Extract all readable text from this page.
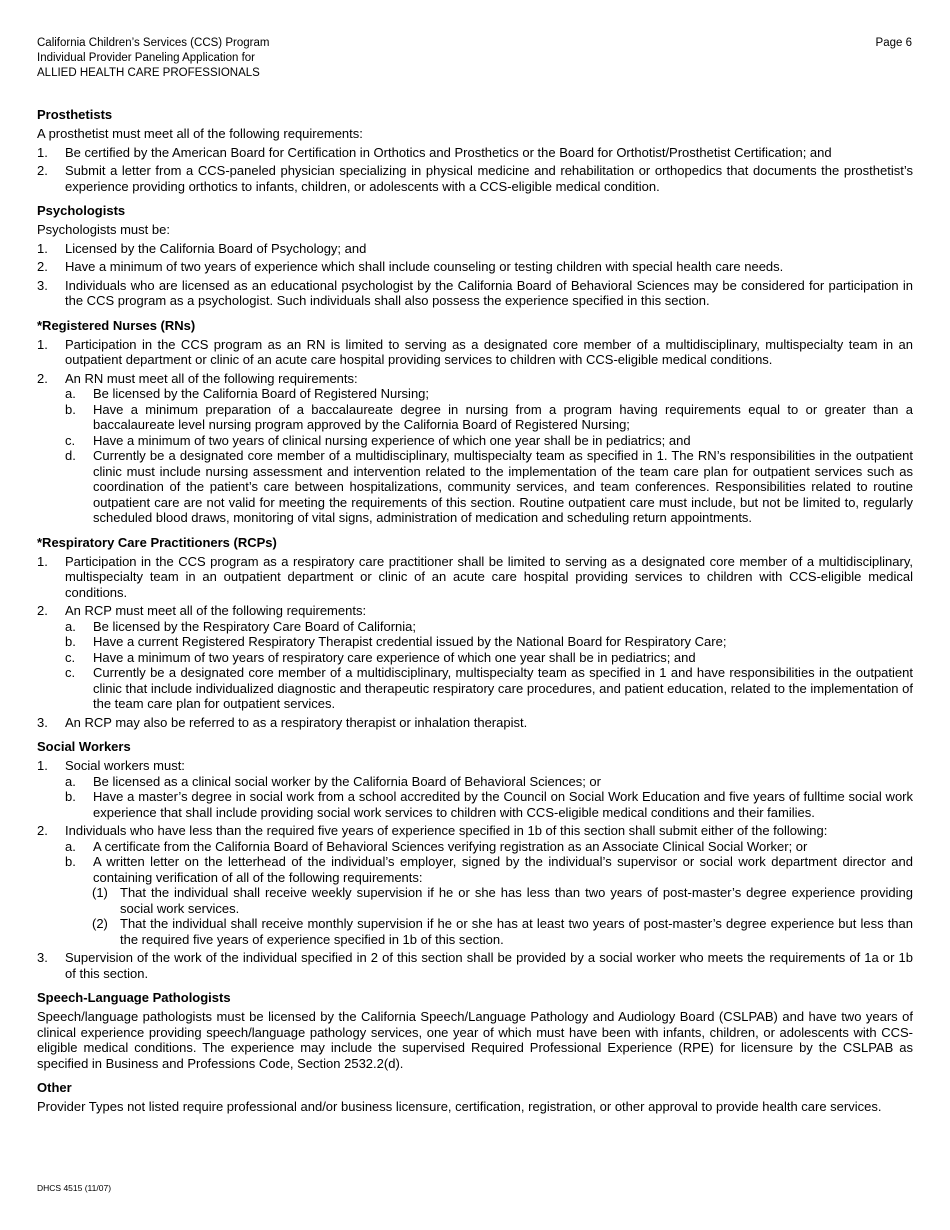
California Children’s Services (CCS) Program
Individual Provider Paneling Application for
ALLIED HEALTH CARE PROFESSIONALS
Page 6
Prosthetists
A prosthetist must meet all of the following requirements:
1. Be certified by the American Board for Certification in Orthotics and Prosthetics or the Board for Orthotist/Prosthetist Certification; and
2. Submit a letter from a CCS-paneled physician specializing in physical medicine and rehabilitation or orthopedics that documents the prosthetist’s experience providing orthotics to infants, children, or adolescents with a CCS-eligible medical condition.
Psychologists
Psychologists must be:
1. Licensed by the California Board of Psychology; and
2. Have a minimum of two years of experience which shall include counseling or testing children with special health care needs.
3. Individuals who are licensed as an educational psychologist by the California Board of Behavioral Sciences may be considered for participation in the CCS program as a psychologist. Such individuals shall also possess the experience specified in this section.
*Registered Nurses (RNs)
1. Participation in the CCS program as an RN is limited to serving as a designated core member of a multidisciplinary, multispecialty team in an outpatient department or clinic of an acute care hospital providing services to children with CCS-eligible medical conditions.
2. An RN must meet all of the following requirements:
a. Be licensed by the California Board of Registered Nursing;
b. Have a minimum preparation of a baccalaureate degree in nursing from a program having requirements equal to or greater than a baccalaureate level nursing program approved by the California Board of Registered Nursing;
c. Have a minimum of two years of clinical nursing experience of which one year shall be in pediatrics; and
d. Currently be a designated core member of a multidisciplinary, multispecialty team as specified in 1. The RN’s responsibilities in the outpatient clinic must include nursing assessment and intervention related to the implementation of the team care plan for outpatient services such as coordination of the patient’s care between hospitalizations, community services, and team conferences. Responsibilities related to routine outpatient care are not valid for meeting the requirements of this section. Routine outpatient care must include, but not be limited to, regularly scheduled blood draws, monitoring of vital signs, administration of medication and scheduling return appointments.
*Respiratory Care Practitioners (RCPs)
1. Participation in the CCS program as a respiratory care practitioner shall be limited to serving as a designated core member of a multidisciplinary, multispecialty team in an outpatient department or clinic of an acute care hospital providing services to children with CCS-eligible medical conditions.
2. An RCP must meet all of the following requirements:
a. Be licensed by the Respiratory Care Board of California;
b. Have a current Registered Respiratory Therapist credential issued by the National Board for Respiratory Care;
c. Have a minimum of two years of respiratory care experience of which one year shall be in pediatrics; and
c. Currently be a designated core member of a multidisciplinary, multispecialty team as specified in 1 and have responsibilities in the outpatient clinic that include individualized diagnostic and therapeutic respiratory care procedures, and patient education, related to the implementation of the team care plan for outpatient services.
3. An RCP may also be referred to as a respiratory therapist or inhalation therapist.
Social Workers
1. Social workers must:
a. Be licensed as a clinical social worker by the California Board of Behavioral Sciences; or
b. Have a master’s degree in social work from a school accredited by the Council on Social Work Education and five years of fulltime social work experience that shall include providing social work services to children with CCS-eligible medical conditions and their families.
2. Individuals who have less than the required five years of experience specified in 1b of this section shall submit either of the following:
a. A certificate from the California Board of Behavioral Sciences verifying registration as an Associate Clinical Social Worker; or
b. A written letter on the letterhead of the individual’s employer, signed by the individual’s supervisor or social work department director and containing verification of all of the following requirements:
(1) That the individual shall receive weekly supervision if he or she has less than two years of post-master’s degree experience providing social work services.
(2) That the individual shall receive monthly supervision if he or she has at least two years of post-master’s degree experience but less than the required five years of experience specified in 1b of this section.
3. Supervision of the work of the individual specified in 2 of this section shall be provided by a social worker who meets the requirements of 1a or 1b of this section.
Speech-Language Pathologists
Speech/language pathologists must be licensed by the California Speech/Language Pathology and Audiology Board (CSLPAB) and have two years of clinical experience providing speech/language pathology services, one year of which must have been with infants, children, or adolescents with CCS-eligible medical conditions. The experience may include the supervised Required Professional Experience (RPE) for licensure by the CSLPAB as specified in Business and Professions Code, Section 2532.2(d).
Other
Provider Types not listed require professional and/or business licensure, certification, registration, or other approval to provide health care services.
DHCS 4515 (11/07)
